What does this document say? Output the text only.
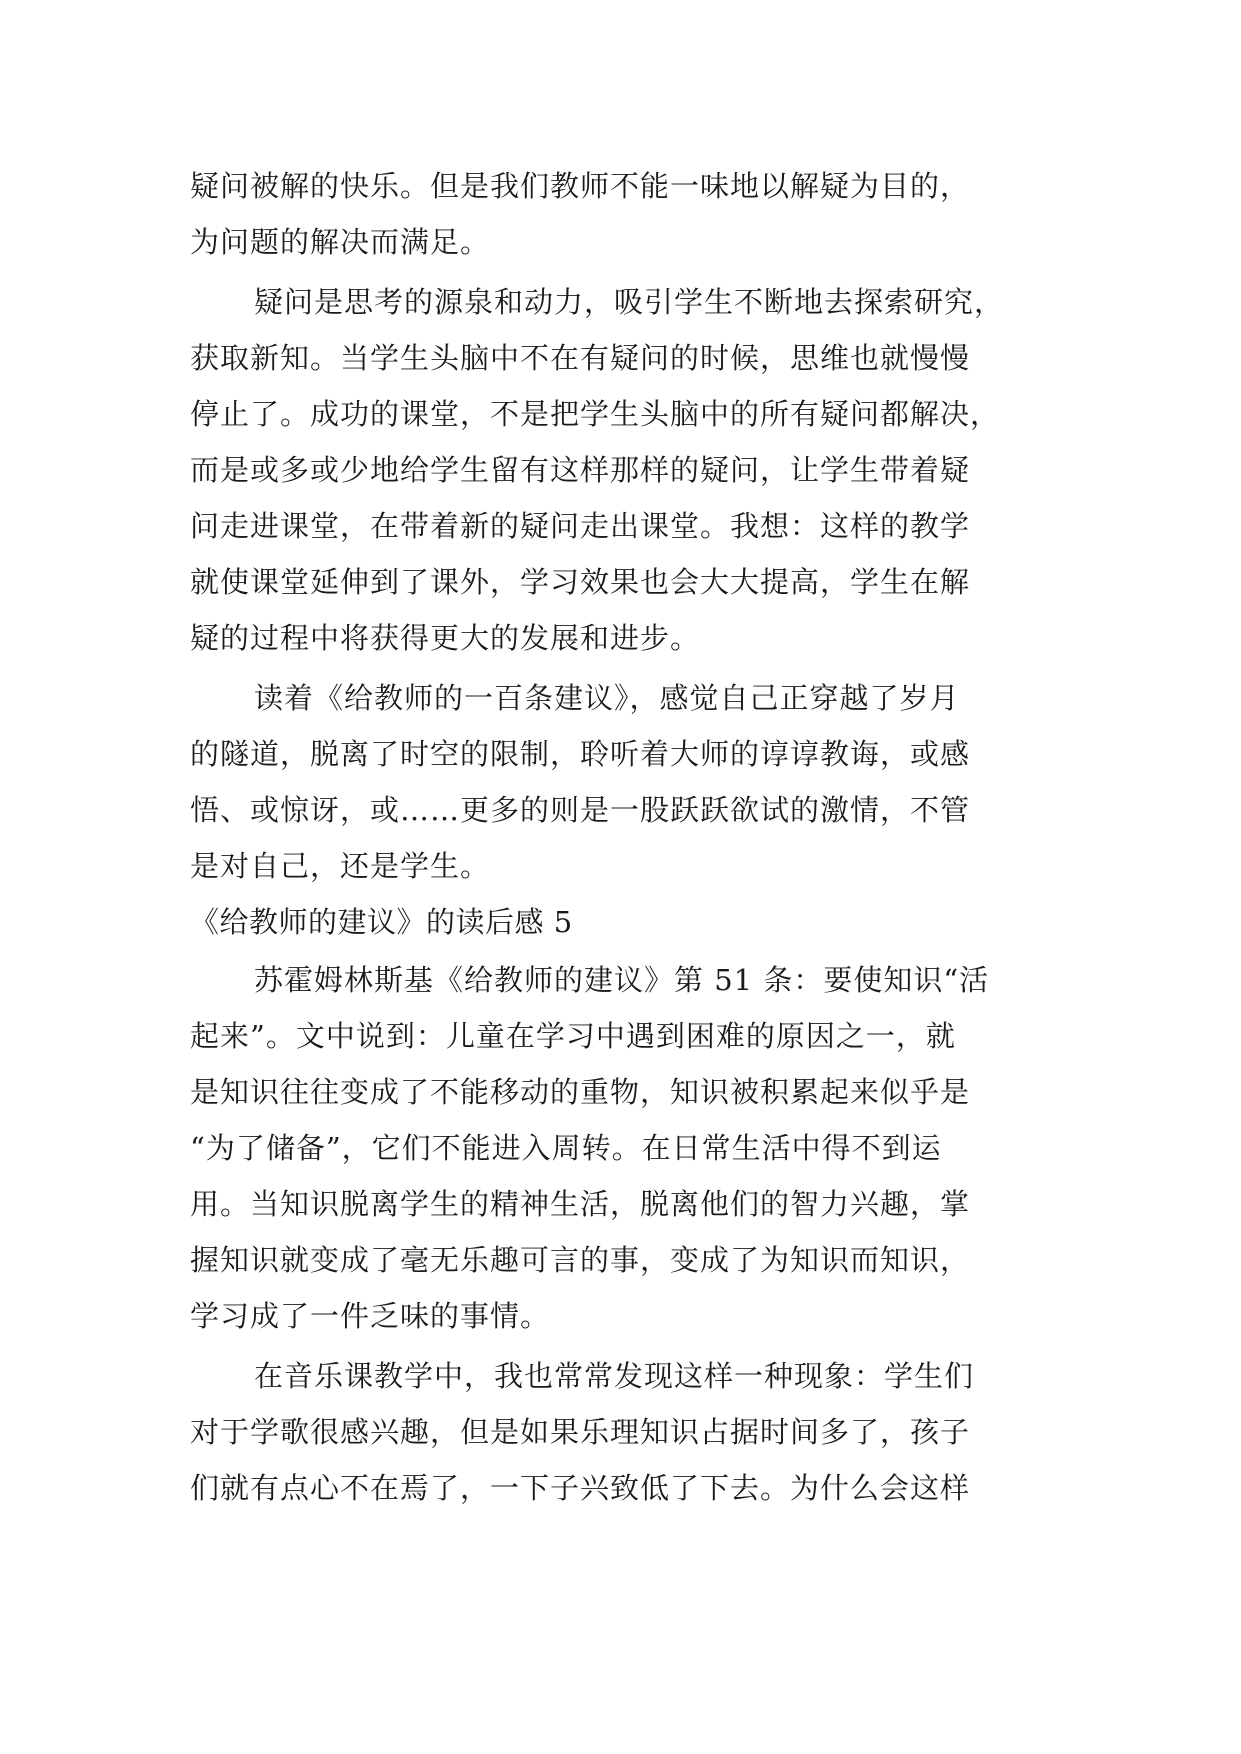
疑问被解的快乐。但是我们教师不能一味地以解疑为目的，
为问题的解决而满足。
疑问是思考的源泉和动力，吸引学生不断地去探索研究，
获取新知。当学生头脑中不在有疑问的时候，思维也就慢慢
停止了。成功的课堂，不是把学生头脑中的所有疑问都解决，
而是或多或少地给学生留有这样那样的疑问，让学生带着疑
问走进课堂，在带着新的疑问走出课堂。我想：这样的教学
就使课堂延伸到了课外，学习效果也会大大提高，学生在解
疑的过程中将获得更大的发展和进步。
读着《给教师的一百条建议》，感觉自己正穿越了岁月
的隧道，脱离了时空的限制，聆听着大师的谆谆教诲，或感
悟、或惊讶，或……更多的则是一股跃跃欲试的激情，不管
是对自己，还是学生。
《给教师的建议》的读后感 5
苏霍姆林斯基《给教师的建议》第 51 条：要使知识“活
起来”。文中说到：儿童在学习中遇到困难的原因之一，就
是知识往往变成了不能移动的重物，知识被积累起来似乎是
“为了储备”，它们不能进入周转。在日常生活中得不到运
用。当知识脱离学生的精神生活，脱离他们的智力兴趣，掌
握知识就变成了毫无乐趣可言的事，变成了为知识而知识，
学习成了一件乏味的事情。
在音乐课教学中，我也常常发现这样一种现象：学生们
对于学歌很感兴趣，但是如果乐理知识占据时间多了，孩子
们就有点心不在焉了，一下子兴致低了下去。为什么会这样
